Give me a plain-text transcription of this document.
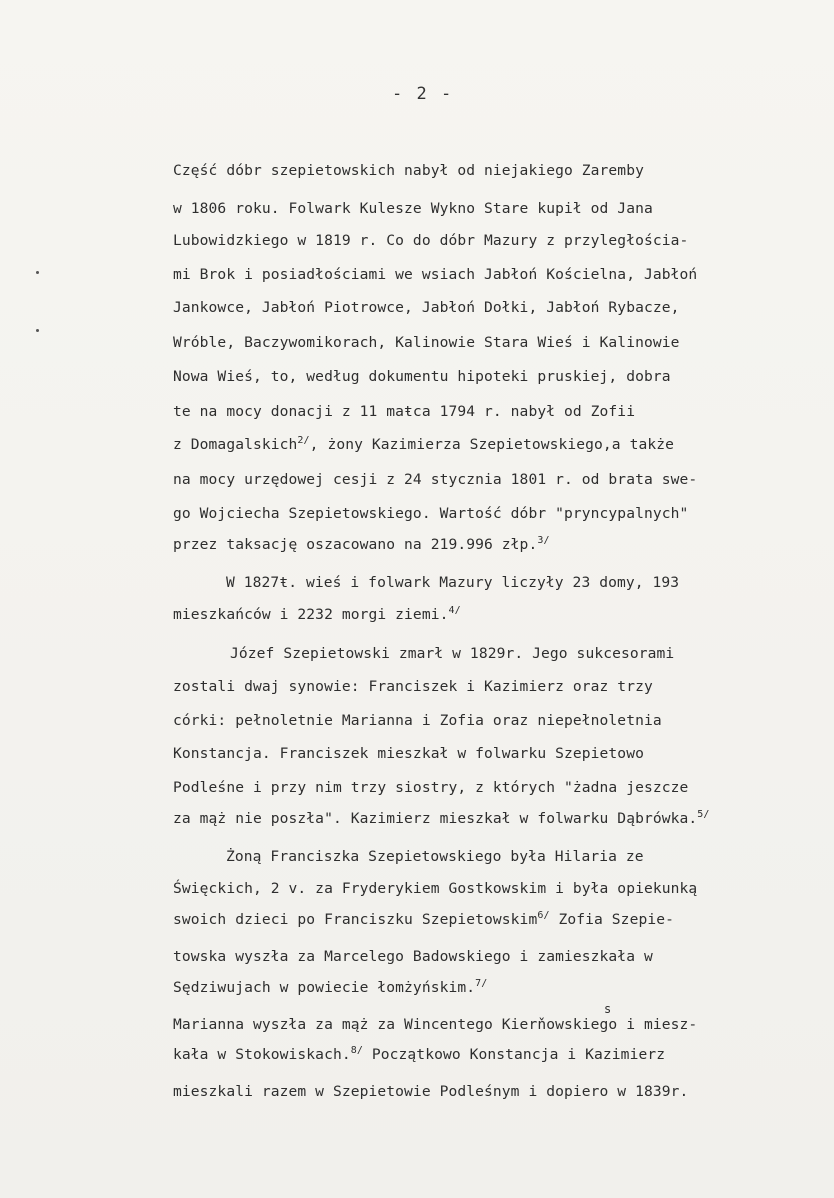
- 2 -
Część dóbr szepietowskich nabył od niejakiego Zaremby
w 1806 roku. Folwark Kulesze Wykno Stare kupił od Jana
Lubowidzkiego w 1819 r. Co do dóbr Mazury z przyległościa-
mi Brok i posiadłościami we wsiach Jabłoń Kościelna, Jabłoń
Jankowce, Jabłoń Piotrowce, Jabłoń Dołki, Jabłoń Rybacze,
Wróble, Baczywomikorach, Kalinowie Stara Wieś i Kalinowie
Nowa Wieś, to, według dokumentu hipoteki pruskiej, dobra
te na mocy donacji z 11 maŧca 1794 r. nabył od Zofii
z Domagalskich$^{2/}$, żony Kazimierza Szepietowskiego,a także
na mocy urzędowej cesji z 24 stycznia 1801 r. od brata swe-
go Wojciecha Szepietowskiego. Wartość dóbr "pryncypalnych"
przez taksację oszacowano na 219.996 złp.$^{3/}$
W 1827ŧ. wieś i folwark Mazury liczyły 23 domy, 193
mieszkańców i 2232 morgi ziemi.$^{4/}$
Józef Szepietowski zmarł w 1829r. Jego sukcesorami
zostali dwaj synowie: Franciszek i Kazimierz oraz trzy
córki: pełnoletnie Marianna i Zofia oraz niepełnoletnia
Konstancja. Franciszek mieszkał w folwarku Szepietowo
Podleśne i przy nim trzy siostry, z których "żadna jeszcze
za mąż nie poszła". Kazimierz mieszkał w folwarku Dąbrówka.$^{5/}$
Żoną Franciszka Szepietowskiego była Hilaria ze
Święckich, 2 v. za Fryderykiem Gostkowskim i była opiekunką
swoich dzieci po Franciszku Szepietowskim$^{6/}$ Zofia Szepie-
towska wyszła za Marcelego Badowskiego i zamieszkała w
Sędziwujach w powiecie łomżyńskim.$^{7/}$
s
Marianna wyszła za mąż za Wincentego Kierňowskiego i miesz-
kała w Stokowiskach.$^{8/}$ Początkowo Konstancja i Kazimierz
mieszkali razem w Szepietowie Podleśnym i dopiero w 1839r.
